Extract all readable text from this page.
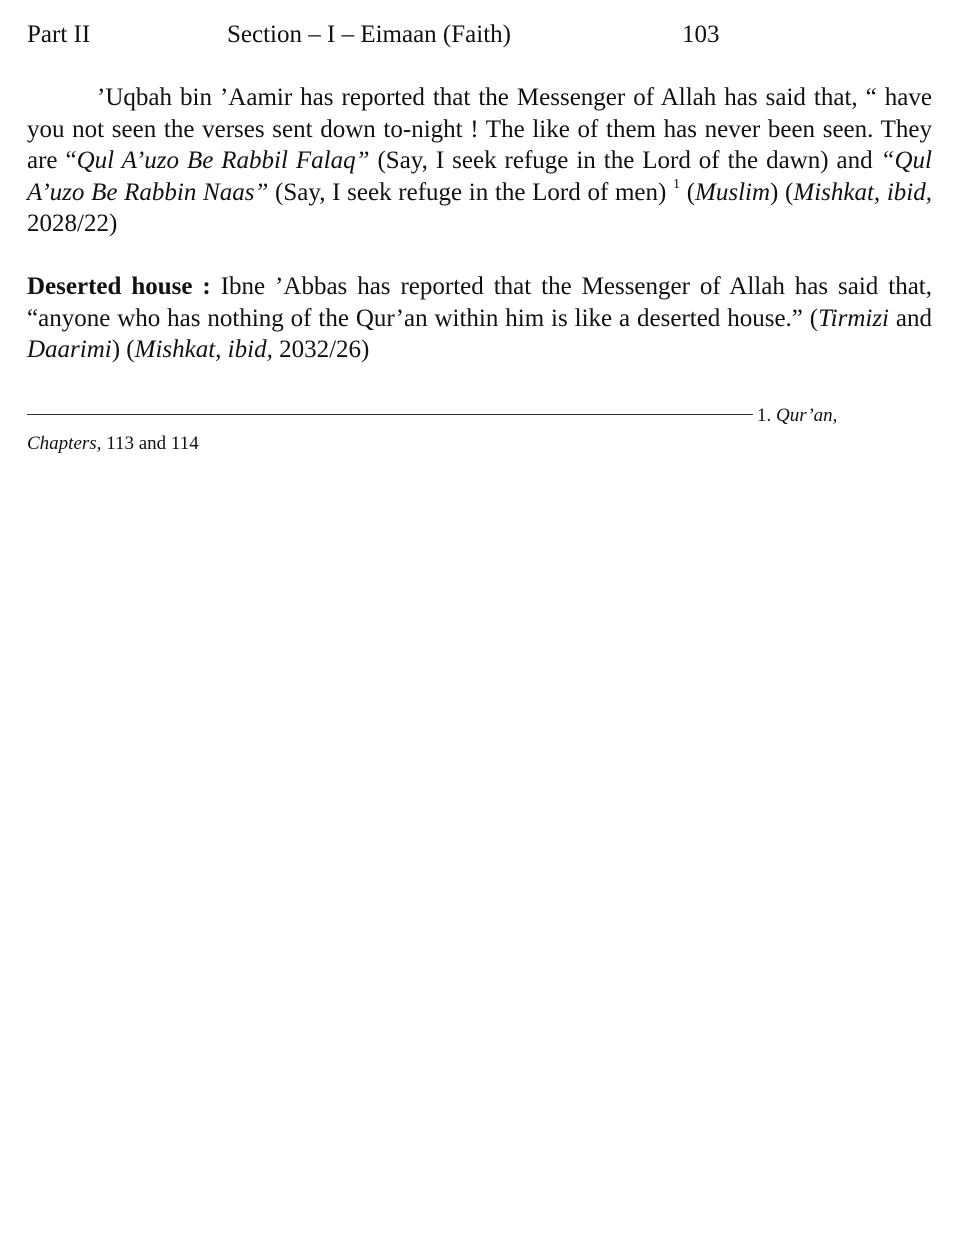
Part II	Section – I – Eimaan (Faith)	103

’Uqbah bin ’Aamir has reported that the Messenger of Allah has said that, “ have you not seen the verses sent down to-night ! The like of them has never been seen. They are “Qul A’uzo Be Rabbil Falaq” (Say, I seek refuge in the Lord of the dawn) and “Qul A’uzo Be Rabbin Naas” (Say, I seek refuge in the Lord of men) $^1$ (Muslim) (Mishkat, ibid, 2028/22)

Deserted house : Ibne ’Abbas has reported that the Messenger of Allah has said that, “anyone who has nothing of the Qur’an within him is like a deserted house.” (Tirmizi and Daarimi) (Mishkat, ibid, 2032/26)

1. Qur’an,
Chapters, 113 and 114
